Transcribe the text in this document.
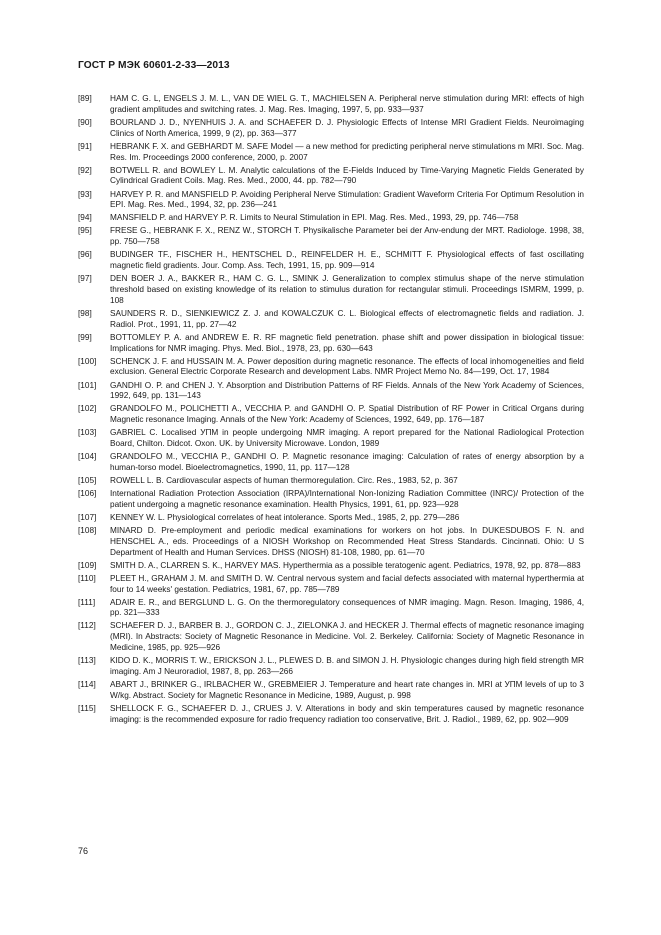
ГОСТ Р МЭК 60601-2-33—2013
[89]	HAM C. G. L, ENGELS J. M. L., VAN DE WIEL G. T., MACHIELSEN A. Peripheral nerve stimulation during MRI: effects of high gradient amplitudes and switching rates. J. Mag. Res. Imaging, 1997, 5, pp. 933—937
[90]	BOURLAND J. D., NYENHUIS J. A. and SCHAEFER D. J. Physiologic Effects of Intense MRI Gradient Fields. Neuroimaging Clinics of North America, 1999, 9 (2), pp. 363—377
[91]	HEBRANK F. X. and GEBHARDT M. SAFE Model — a new method for predicting peripheral nerve stimulations m MRI. Soc. Mag. Res. Im. Proceedings 2000 conference, 2000, p. 2007
[92]	BOTWELL R. and BOWLEY L. M. Analytic calculations of the E-Fields Induced by Time-Varying Magnetic Fields Generated by Cylindrical Gradient Coils. Mag. Res. Med., 2000, 44. pp. 782—790
[93]	HARVEY P. R. and MANSFIELD P. Avoiding Peripheral Nerve Stimulation: Gradient Waveform Criteria For Optimum Resolution in EPI. Mag. Res. Med., 1994, 32, pp. 236—241
[94]	MANSFIELD P. and HARVEY P. R. Limits to Neural Stimulation in EPI. Mag. Res. Med., 1993, 29, pp. 746—758
[95]	FRESE G., HEBRANK F. X., RENZ W., STORCH T. Physikalische Parameter bei der Anv-endung der MRT. Radiologe. 1998, 38, pp. 750—758
[96]	BUDINGER TF., FISCHER H., HENTSCHEL D., REINFELDER H. E., SCHMITT F. Physiological effects of fast oscillating magnetic field gradients. Jour. Comp. Ass. Tech, 1991, 15, pp. 909—914
[97]	DEN BOER J. A., BAKKER R., HAM C. G. L., SMINK J. Generalization to complex stimulus shape of the nerve stimulation threshold based on existing knowledge of its relation to stimulus duration for rectangular stimuli. Proceedings ISMRM, 1999, p. 108
[98]	SAUNDERS R. D., SIENKIEWICZ Z. J. and KOWALCZUK C. L. Biological effects of electromagnetic fields and radiation. J. Radiol. Prot., 1991, 11, pp. 27—42
[99]	BOTTOMLEY P. A. and ANDREW E. R. RF magnetic field penetration. phase shift and power dissipation in biological tissue: Implications for NMR imaging. Phys. Med. Biol., 1978, 23, pp. 630—643
[100]	SCHENCK J. F. and HUSSAIN M. A. Power deposition during magnetic resonance. The effects of local inhomogeneities and field exclusion. General Electric Corporate Research and development Labs. NMR Project Memo No. 84—199, Oct. 17, 1984
[101]	GANDHI O. P. and CHEN J. Y. Absorption and Distribution Patterns of RF Fields. Annals of the New York Academy of Sciences, 1992, 649, pp. 131—143
[102]	GRANDOLFO M., POLICHETTI A., VECCHIA P. and GANDHI O. P. Spatial Distribution of RF Power in Critical Organs during Magnetic resonance Imaging. Annals of the New York: Academy of Sciences, 1992, 649, pp. 176—187
[103]	GABRIEL C. Localised УПМ in people undergoing NMR imaging. A report prepared for the National Radiological Protection Board, Chilton. Didcot. Oxon. UK. by University Microwave. London, 1989
[104]	GRANDOLFO M., VECCHIA P., GANDHI O. P. Magnetic resonance imaging: Calculation of rates of energy absorption by a human-torso model. Bioelectromagnetics, 1990, 11, pp. 117—128
[105]	ROWELL L. B. Cardiovascular aspects of human thermoregulation. Circ. Res., 1983, 52, p. 367
[106]	International Radiation Protection Association (IRPA)/International Non-Ionizing Radiation Committee (INRC)/ Protection of the patient undergoing a magnetic resonance examination. Health Physics, 1991, 61, pp. 923—928
[107]	KENNEY W. L. Physiological correlates of heat intolerance. Sports Med., 1985, 2, pp. 279—286
[108]	MINARD D. Pre-employment and periodic medical examinations for workers on hot jobs. In DUKESDUBOS F. N. and HENSCHEL A., eds. Proceedings of a NIOSH Workshop on Recommended Heat Stress Standards. Cincinnati. Ohio: U S Department of Health and Human Services. DHSS (NIOSH) 81-108, 1980, pp. 61—70
[109]	SMITH D. A., CLARREN S. K., HARVEY MAS. Hyperthermia as a possible teratogenic agent. Pediatrics, 1978, 92, pp. 878—883
[110]	PLEET H., GRAHAM J. M. and SMITH D. W. Central nervous system and facial defects associated with maternal hyperthermia at four to 14 weeks' gestation. Pediatrics, 1981, 67, pp. 785—789
[111]	ADAIR E. R., and BERGLUND L. G. On the thermoregulatory consequences of NMR imaging. Magn. Reson. Imaging, 1986, 4, pp. 321—333
[112]	SCHAEFER D. J., BARBER B. J., GORDON C. J., ZIELONKA J. and HECKER J. Thermal effects of magnetic resonance imaging (MRI). In Abstracts: Society of Magnetic Resonance in Medicine. Vol. 2. Berkeley. California: Society of Magnetic Resonance in Medicine, 1985, pp. 925—926
[113]	KIDO D. K., MORRIS T. W., ERICKSON J. L., PLEWES D. B. and SIMON J. H. Physiologic changes during high field strength MR imaging. Am J Neuroradiol, 1987, 8, pp. 263—266
[114]	ABART J., BRINKER G., IRLBACHER W., GREBMEIER J. Temperature and heart rate changes in. MRI at УПМ levels of up to 3 W/kg. Abstract. Society for Magnetic Resonance in Medicine, 1989, August, p. 998
[115]	SHELLOCK F. G., SCHAEFER D. J., CRUES J. V. Alterations in body and skin temperatures caused by magnetic resonance imaging: is the recommended exposure for radio frequency radiation too conservative, Brit. J. Radiol., 1989, 62, pp. 902—909
76
